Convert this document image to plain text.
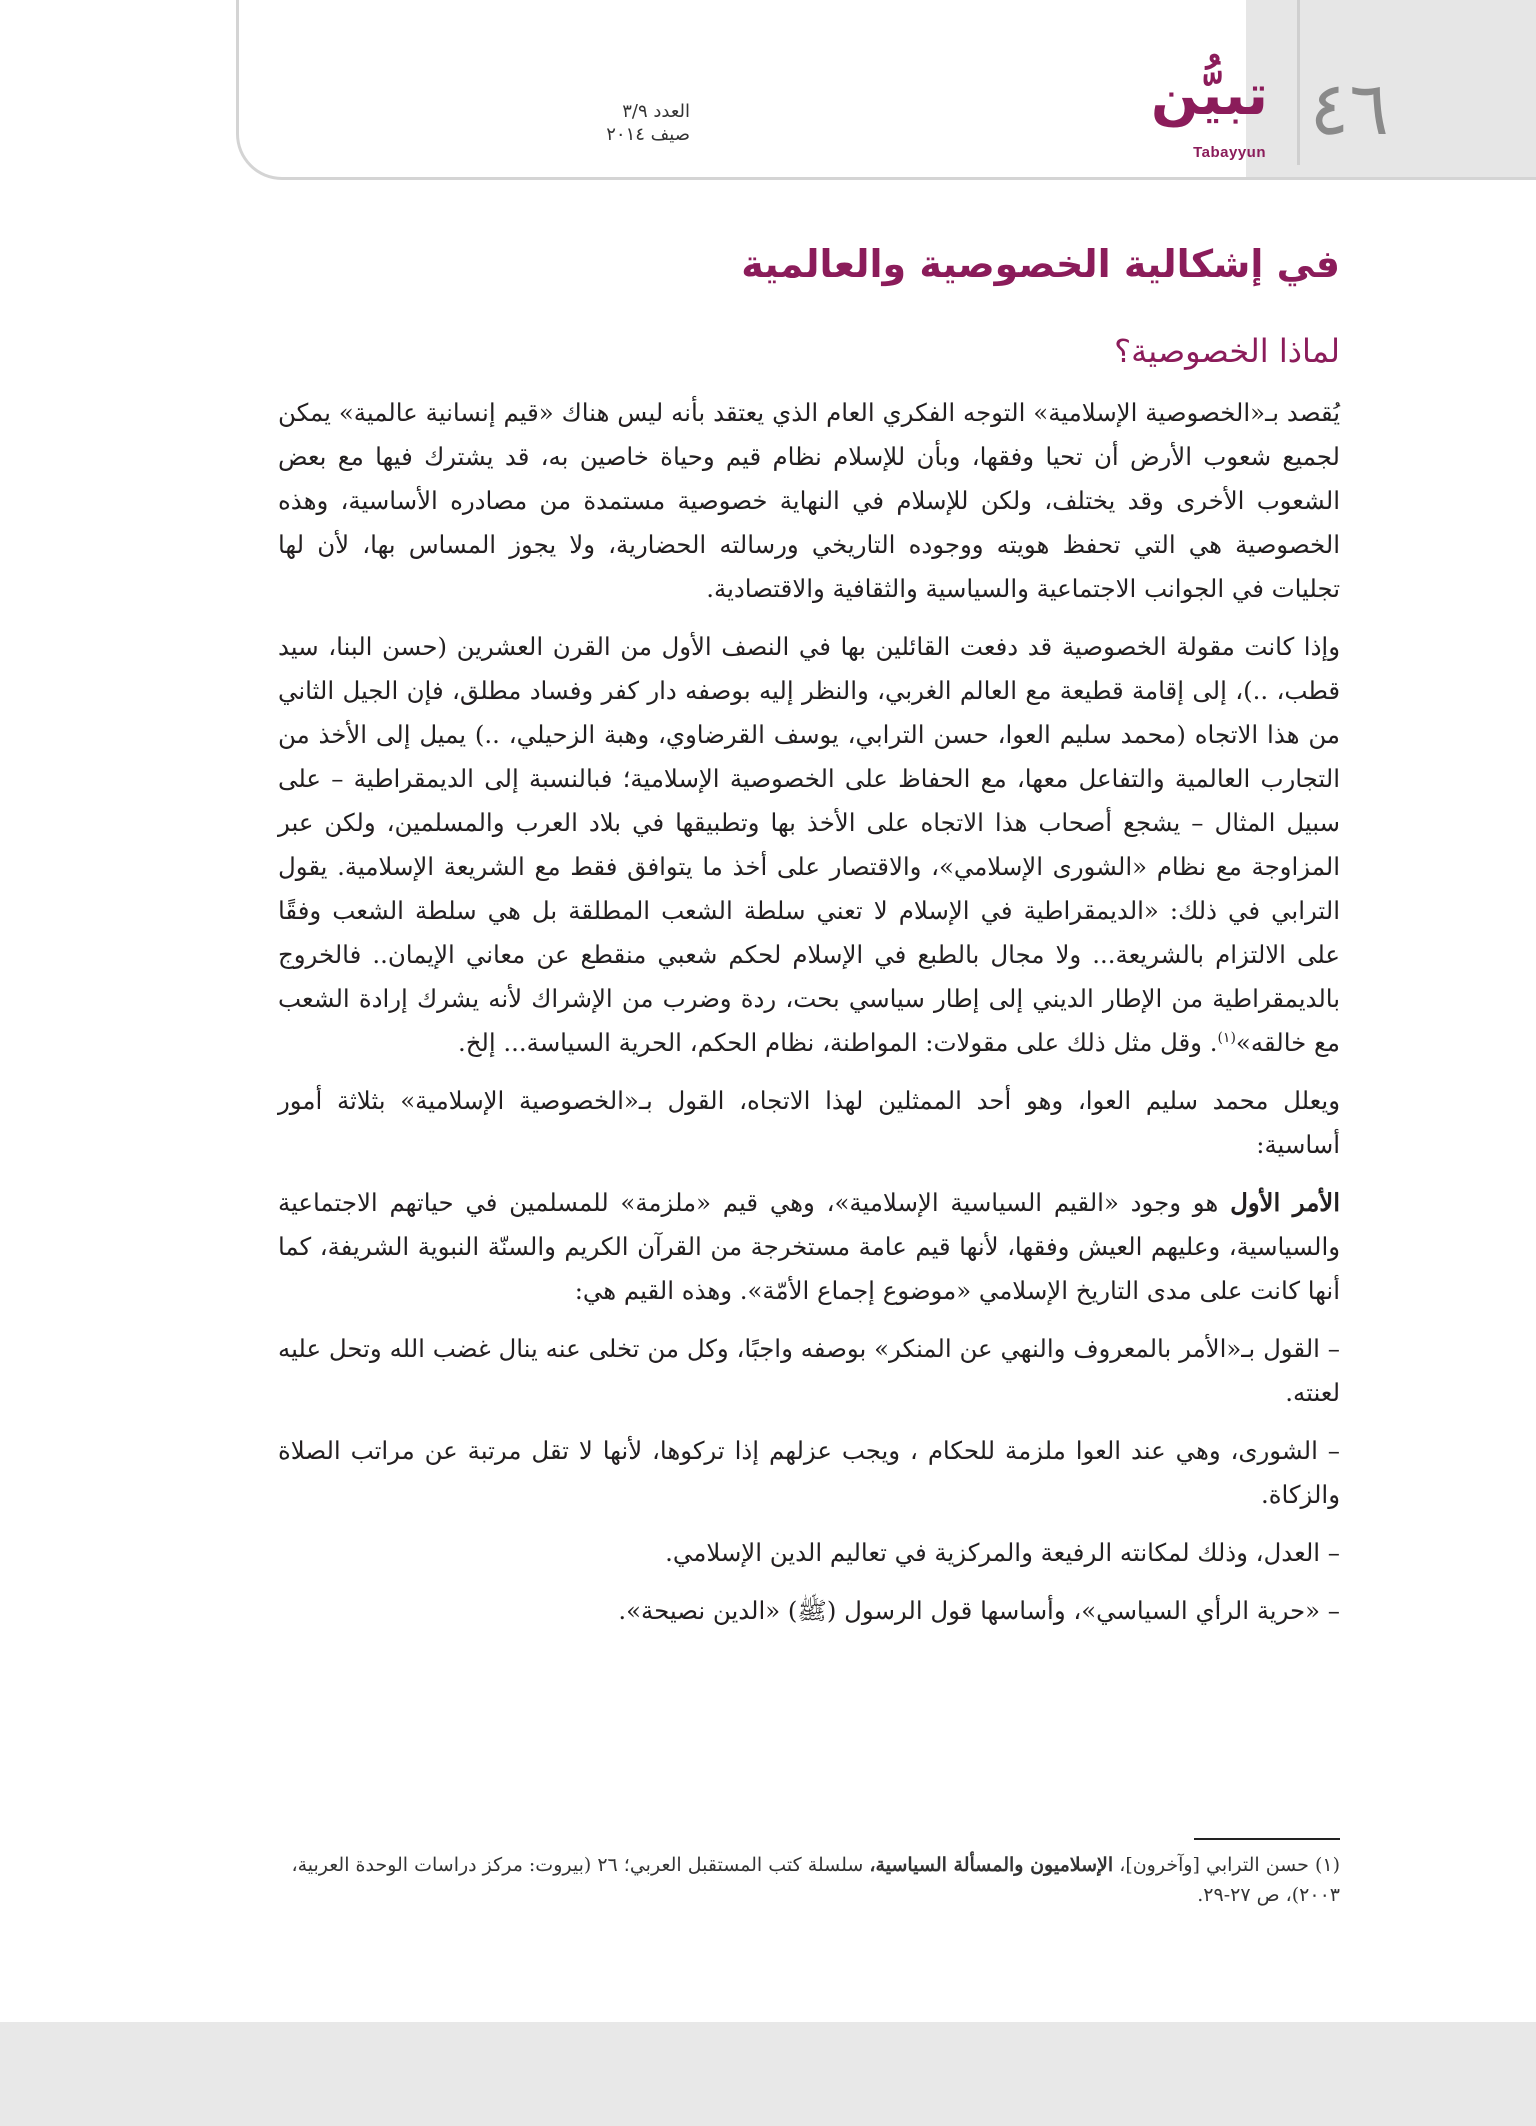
٤٦
تبيُّن
Tabayyun
العدد ٣/٩
صيف ٢٠١٤
في إشكالية الخصوصية والعالمية
لماذا الخصوصية؟

يُقصد بـ«الخصوصية الإسلامية» التوجه الفكري العام الذي يعتقد بأنه ليس هناك «قيم إنسانية عالمية» يمكن لجميع شعوب الأرض أن تحيا وفقها، وبأن للإسلام نظام قيم وحياة خاصين به، قد يشترك فيها مع بعض الشعوب الأخرى وقد يختلف، ولكن للإسلام في النهاية خصوصية مستمدة من مصادره الأساسية، وهذه الخصوصية هي التي تحفظ هويته ووجوده التاريخي ورسالته الحضارية، ولا يجوز المساس بها، لأن لها تجليات في الجوانب الاجتماعية والسياسية والثقافية والاقتصادية.

وإذا كانت مقولة الخصوصية قد دفعت القائلين بها في النصف الأول من القرن العشرين (حسن البنا، سيد قطب، ..)، إلى إقامة قطيعة مع العالم الغربي، والنظر إليه بوصفه دار كفر وفساد مطلق، فإن الجيل الثاني من هذا الاتجاه (محمد سليم العوا، حسن الترابي، يوسف القرضاوي، وهبة الزحيلي، ..) يميل إلى الأخذ من التجارب العالمية والتفاعل معها، مع الحفاظ على الخصوصية الإسلامية؛ فبالنسبة إلى الديمقراطية – على سبيل المثال – يشجع أصحاب هذا الاتجاه على الأخذ بها وتطبيقها في بلاد العرب والمسلمين، ولكن عبر المزاوجة مع نظام «الشورى الإسلامي»، والاقتصار على أخذ ما يتوافق فقط مع الشريعة الإسلامية. يقول الترابي في ذلك: «الديمقراطية في الإسلام لا تعني سلطة الشعب المطلقة بل هي سلطة الشعب وفقًا على الالتزام بالشريعة... ولا مجال بالطبع في الإسلام لحكم شعبي منقطع عن معاني الإيمان.. فالخروج بالديمقراطية من الإطار الديني إلى إطار سياسي بحت، ردة وضرب من الإشراك لأنه يشرك إرادة الشعب مع خالقه»$^{(١)}$. وقل مثل ذلك على مقولات: المواطنة، نظام الحكم، الحرية السياسة... إلخ.

ويعلل محمد سليم العوا، وهو أحد الممثلين لهذا الاتجاه، القول بـ«الخصوصية الإسلامية» بثلاثة أمور أساسية:

الأمر الأول هو وجود «القيم السياسية الإسلامية»، وهي قيم «ملزمة» للمسلمين في حياتهم الاجتماعية والسياسية، وعليهم العيش وفقها، لأنها قيم عامة مستخرجة من القرآن الكريم والسنّة النبوية الشريفة، كما أنها كانت على مدى التاريخ الإسلامي «موضوع إجماع الأمّة». وهذه القيم هي:

– القول بـ«الأمر بالمعروف والنهي عن المنكر» بوصفه واجبًا، وكل من تخلى عنه ينال غضب الله وتحل عليه لعنته.

– الشورى، وهي عند العوا ملزمة للحكام ، ويجب عزلهم إذا تركوها، لأنها لا تقل مرتبة عن مراتب الصلاة والزكاة.

– العدل، وذلك لمكانته الرفيعة والمركزية في تعاليم الدين الإسلامي.

– «حرية الرأي السياسي»، وأساسها قول الرسول (ﷺ) «الدين نصيحة».

(١) حسن الترابي [وآخرون]، الإسلاميون والمسألة السياسية، سلسلة كتب المستقبل العربي؛ ٢٦ (بيروت: مركز دراسات الوحدة العربية، ٢٠٠٣)، ص ٢٧-٢٩.
